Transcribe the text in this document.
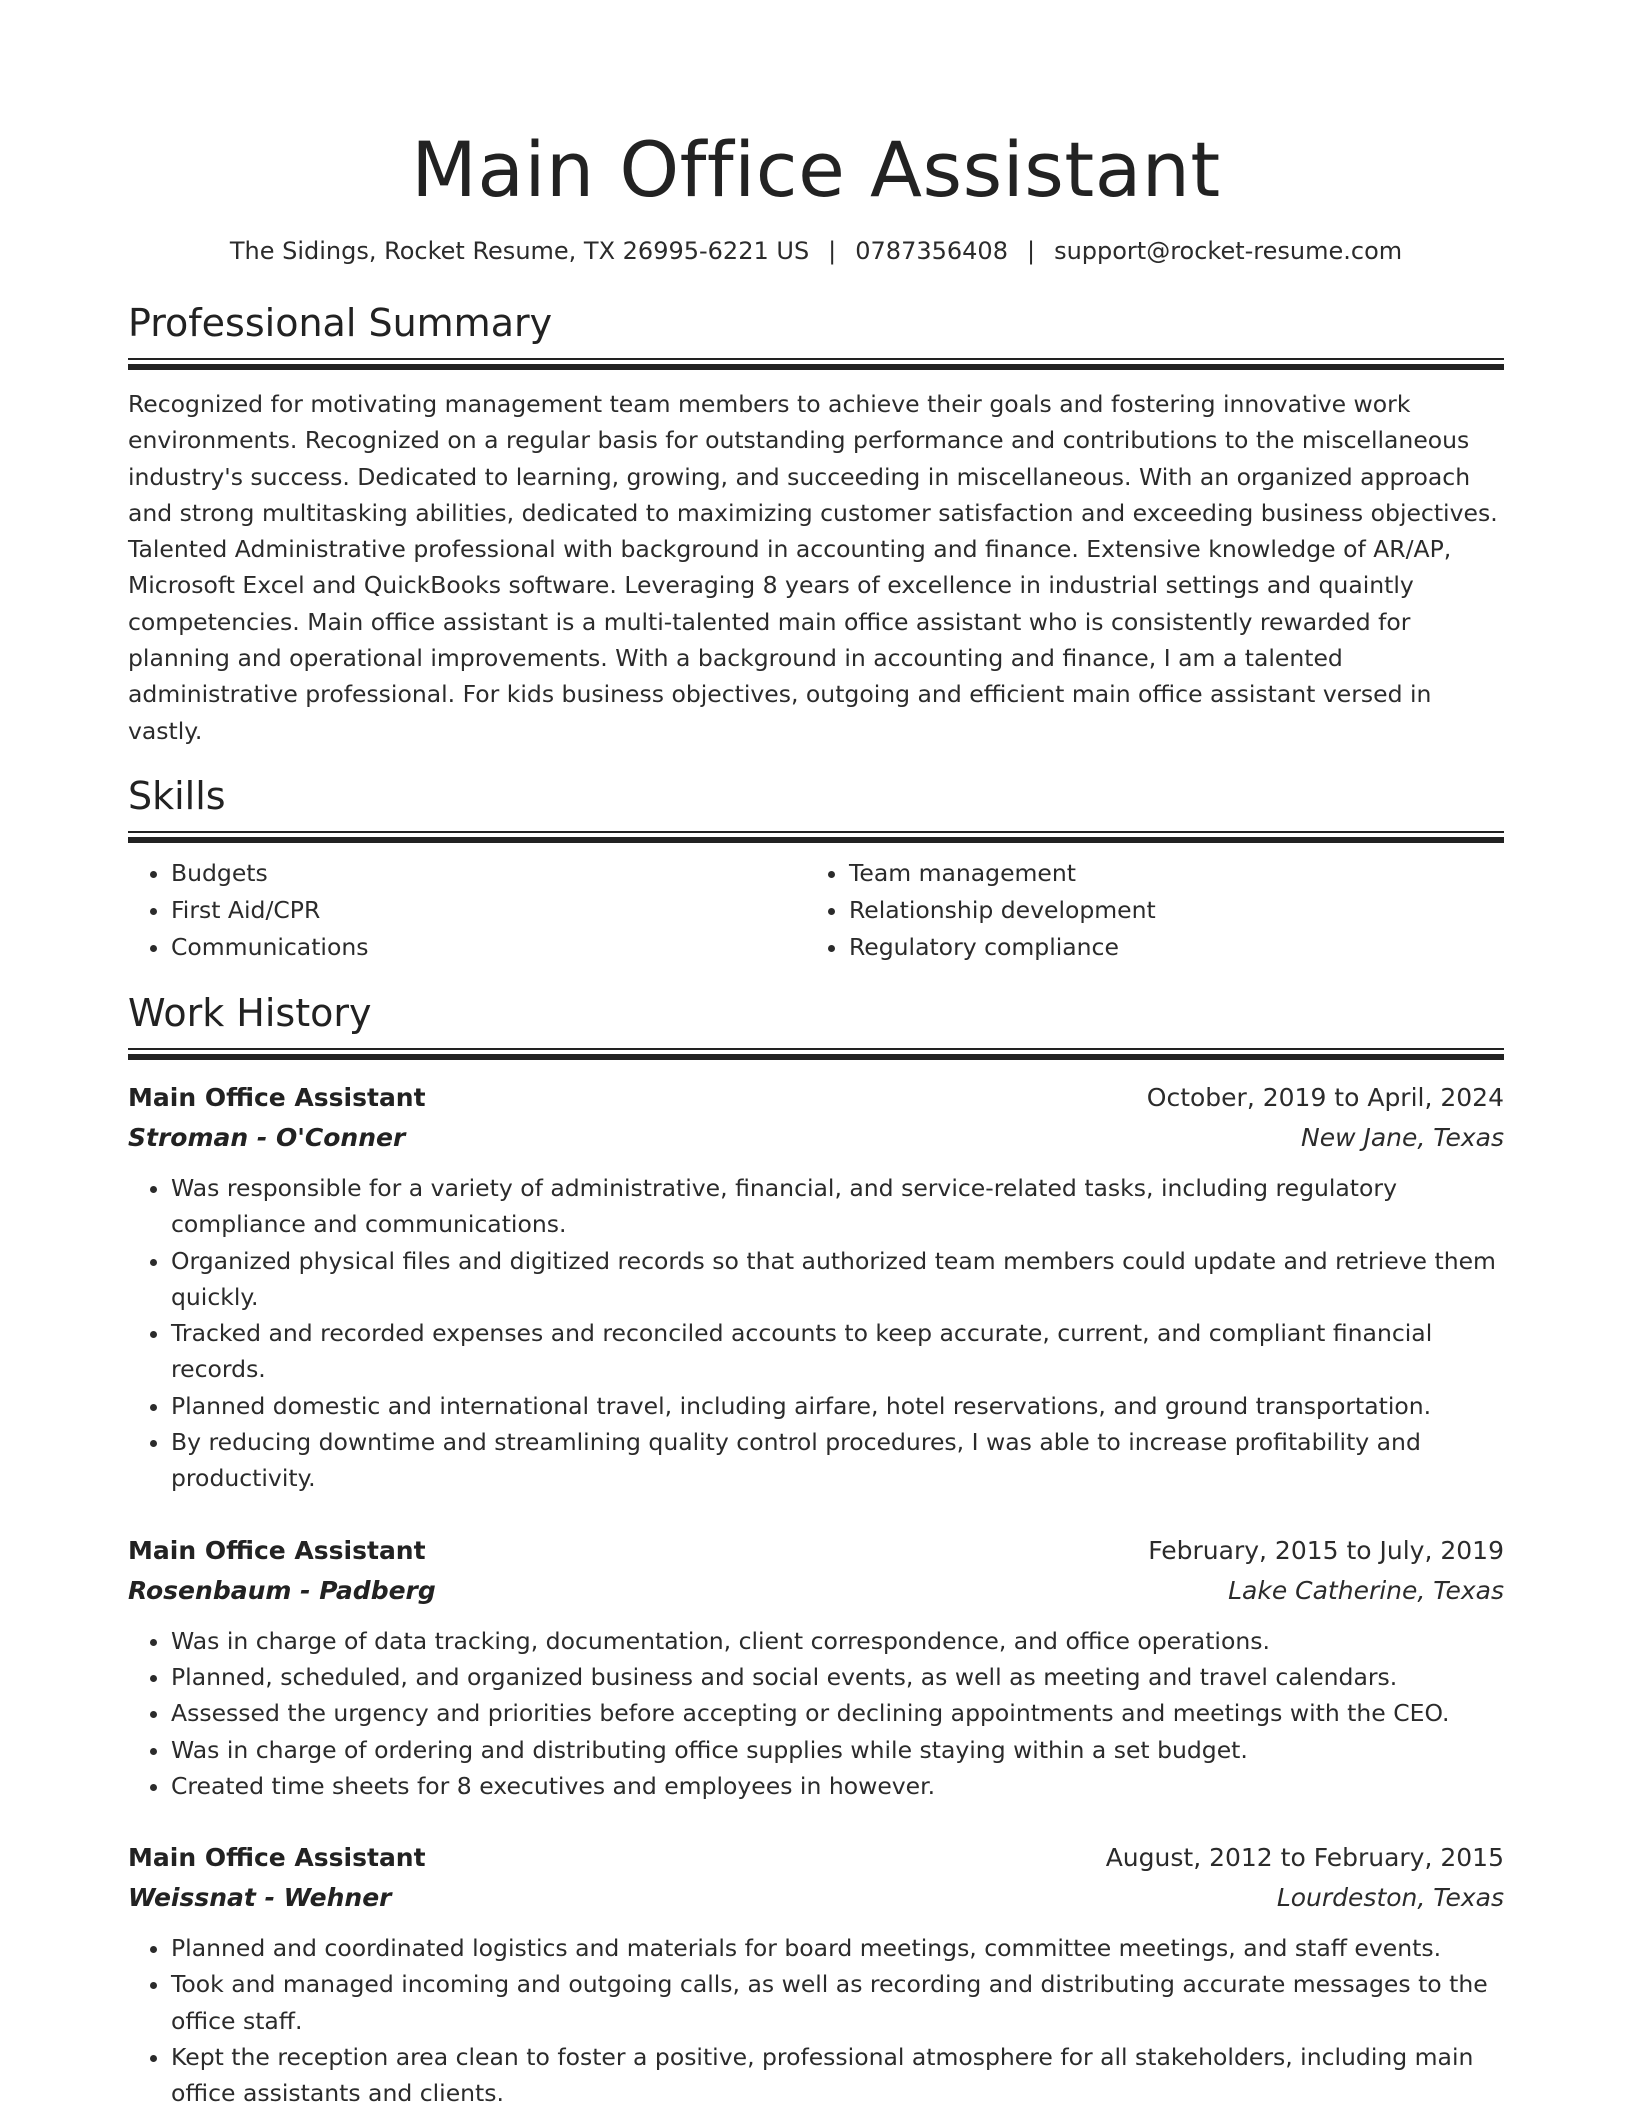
Main Office Assistant
The Sidings, Rocket Resume, TX 26995-6221 US | 0787356408 | support@rocket-resume.com
Professional Summary
Recognized for motivating management team members to achieve their goals and fostering innovative work environments. Recognized on a regular basis for outstanding performance and contributions to the miscellaneous industry's success. Dedicated to learning, growing, and succeeding in miscellaneous. With an organized approach and strong multitasking abilities, dedicated to maximizing customer satisfaction and exceeding business objectives. Talented Administrative professional with background in accounting and finance. Extensive knowledge of AR/AP, Microsoft Excel and QuickBooks software. Leveraging 8 years of excellence in industrial settings and quaintly competencies. Main office assistant is a multi-talented main office assistant who is consistently rewarded for planning and operational improvements. With a background in accounting and finance, I am a talented administrative professional. For kids business objectives, outgoing and efficient main office assistant versed in vastly.
Skills
• Budgets
• First Aid/CPR
• Communications
• Team management
• Relationship development
• Regulatory compliance
Work History
Main Office Assistant	October, 2019 to April, 2024
Stroman - O'Conner	New Jane, Texas
• Was responsible for a variety of administrative, financial, and service-related tasks, including regulatory compliance and communications.
• Organized physical files and digitized records so that authorized team members could update and retrieve them quickly.
• Tracked and recorded expenses and reconciled accounts to keep accurate, current, and compliant financial records.
• Planned domestic and international travel, including airfare, hotel reservations, and ground transportation.
• By reducing downtime and streamlining quality control procedures, I was able to increase profitability and productivity.
Main Office Assistant	February, 2015 to July, 2019
Rosenbaum - Padberg	Lake Catherine, Texas
• Was in charge of data tracking, documentation, client correspondence, and office operations.
• Planned, scheduled, and organized business and social events, as well as meeting and travel calendars.
• Assessed the urgency and priorities before accepting or declining appointments and meetings with the CEO.
• Was in charge of ordering and distributing office supplies while staying within a set budget.
• Created time sheets for 8 executives and employees in however.
Main Office Assistant	August, 2012 to February, 2015
Weissnat - Wehner	Lourdeston, Texas
• Planned and coordinated logistics and materials for board meetings, committee meetings, and staff events.
• Took and managed incoming and outgoing calls, as well as recording and distributing accurate messages to the office staff.
• Kept the reception area clean to foster a positive, professional atmosphere for all stakeholders, including main office assistants and clients.
